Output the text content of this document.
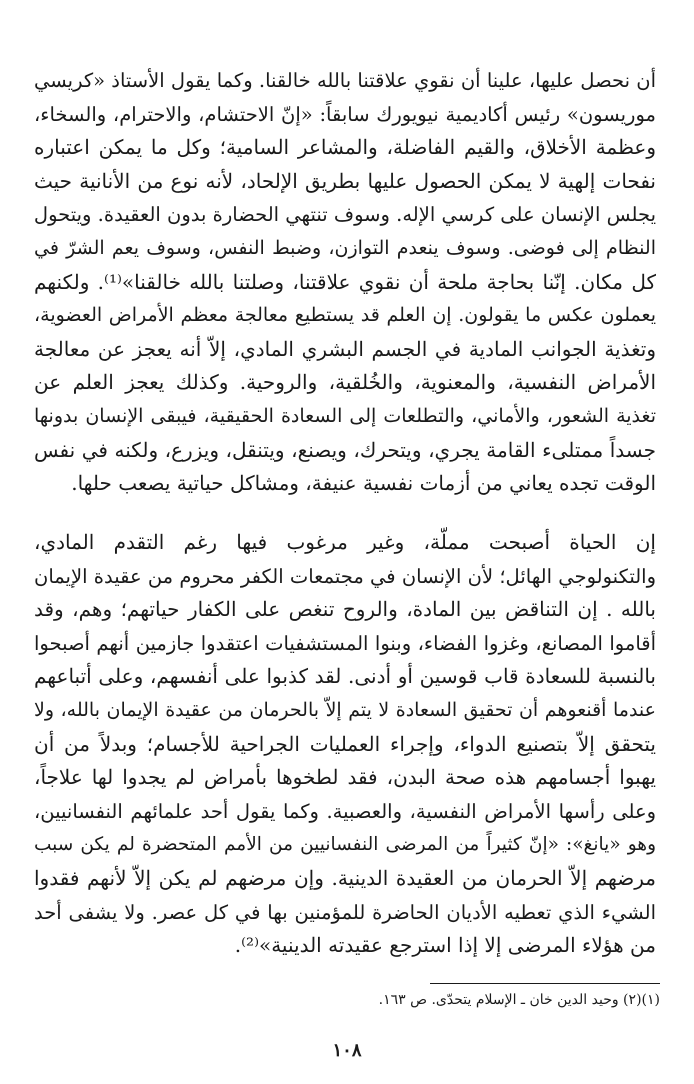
أن نحصل عليها، علينا أن نقوي علاقتنا بالله خالقنا. وكما يقول الأستاذ «كريسي
موريسون» رئيس أكاديمية نيويورك سابقاً: «إنّ الاحتشام، والاحترام، والسخاء،
وعظمة الأخلاق، والقيم الفاضلة، والمشاعر السامية؛ وكل ما يمكن اعتباره
نفحات إلهية لا يمكن الحصول عليها بطريق الإلحاد، لأنه نوع من الأنانية حيث
يجلس الإنسان على كرسي الإله. وسوف تنتهي الحضارة بدون العقيدة. ويتحول
النظام إلى فوضى. وسوف ينعدم التوازن، وضبط النفس، وسوف يعم الشرّ في
كل مكان. إنّنا بحاجة ملحة أن نقوي علاقتنا، وصلتنا بالله خالقنا»⁽¹⁾. ولكنهم
يعملون عكس ما يقولون. إن العلم قد يستطيع معالجة معظم الأمراض العضوية،
وتغذية الجوانب المادية في الجسم البشري المادي، إلاّ أنه يعجز عن معالجة
الأمراض النفسية، والمعنوية، والخُلقية، والروحية. وكذلك يعجز العلم عن
تغذية الشعور، والأماني، والتطلعات إلى السعادة الحقيقية، فيبقى الإنسان بدونها
جسداً ممتلىء القامة يجري، ويتحرك، ويصنع، ويتنقل، ويزرع، ولكنه في نفس
الوقت تجده يعاني من أزمات نفسية عنيفة، ومشاكل حياتية يصعب حلها.
إن الحياة أصبحت مملّة، وغير مرغوب فيها رغم التقدم المادي،
والتكنولوجي الهائل؛ لأن الإنسان في مجتمعات الكفر محروم من عقيدة الإيمان
بالله . إن التناقض بين المادة، والروح تنغص على الكفار حياتهم؛ وهم، وقد
أقاموا المصانع، وغزوا الفضاء، وبنوا المستشفيات اعتقدوا جازمين أنهم أصبحوا
بالنسبة للسعادة قاب قوسين أو أدنى. لقد كذبوا على أنفسهم، وعلى أتباعهم
عندما أقنعوهم أن تحقيق السعادة لا يتم إلاّ بالحرمان من عقيدة الإيمان بالله، ولا
يتحقق إلاّ بتصنيع الدواء، وإجراء العمليات الجراحية للأجسام؛ وبدلاً من أن
يهبوا أجسامهم هذه صحة البدن، فقد لطخوها بأمراض لم يجدوا لها علاجاً،
وعلى رأسها الأمراض النفسية، والعصبية. وكما يقول أحد علمائهم النفسانيين،
وهو «يانغ»: «إنّ كثيراً من المرضى النفسانيين من الأمم المتحضرة لم يكن سبب
مرضهم إلاّ الحرمان من العقيدة الدينية. وإن مرضهم لم يكن إلاّ لأنهم فقدوا
الشيء الذي تعطيه الأديان الحاضرة للمؤمنين بها في كل عصر. ولا يشفى أحد
من هؤلاء المرضى إلا إذا استرجع عقيدته الدينية»⁽²⁾.
(١)(٢) وحيد الدين خان ـ الإسلام يتحدّى. ص ١٦٣.
١٠٨
